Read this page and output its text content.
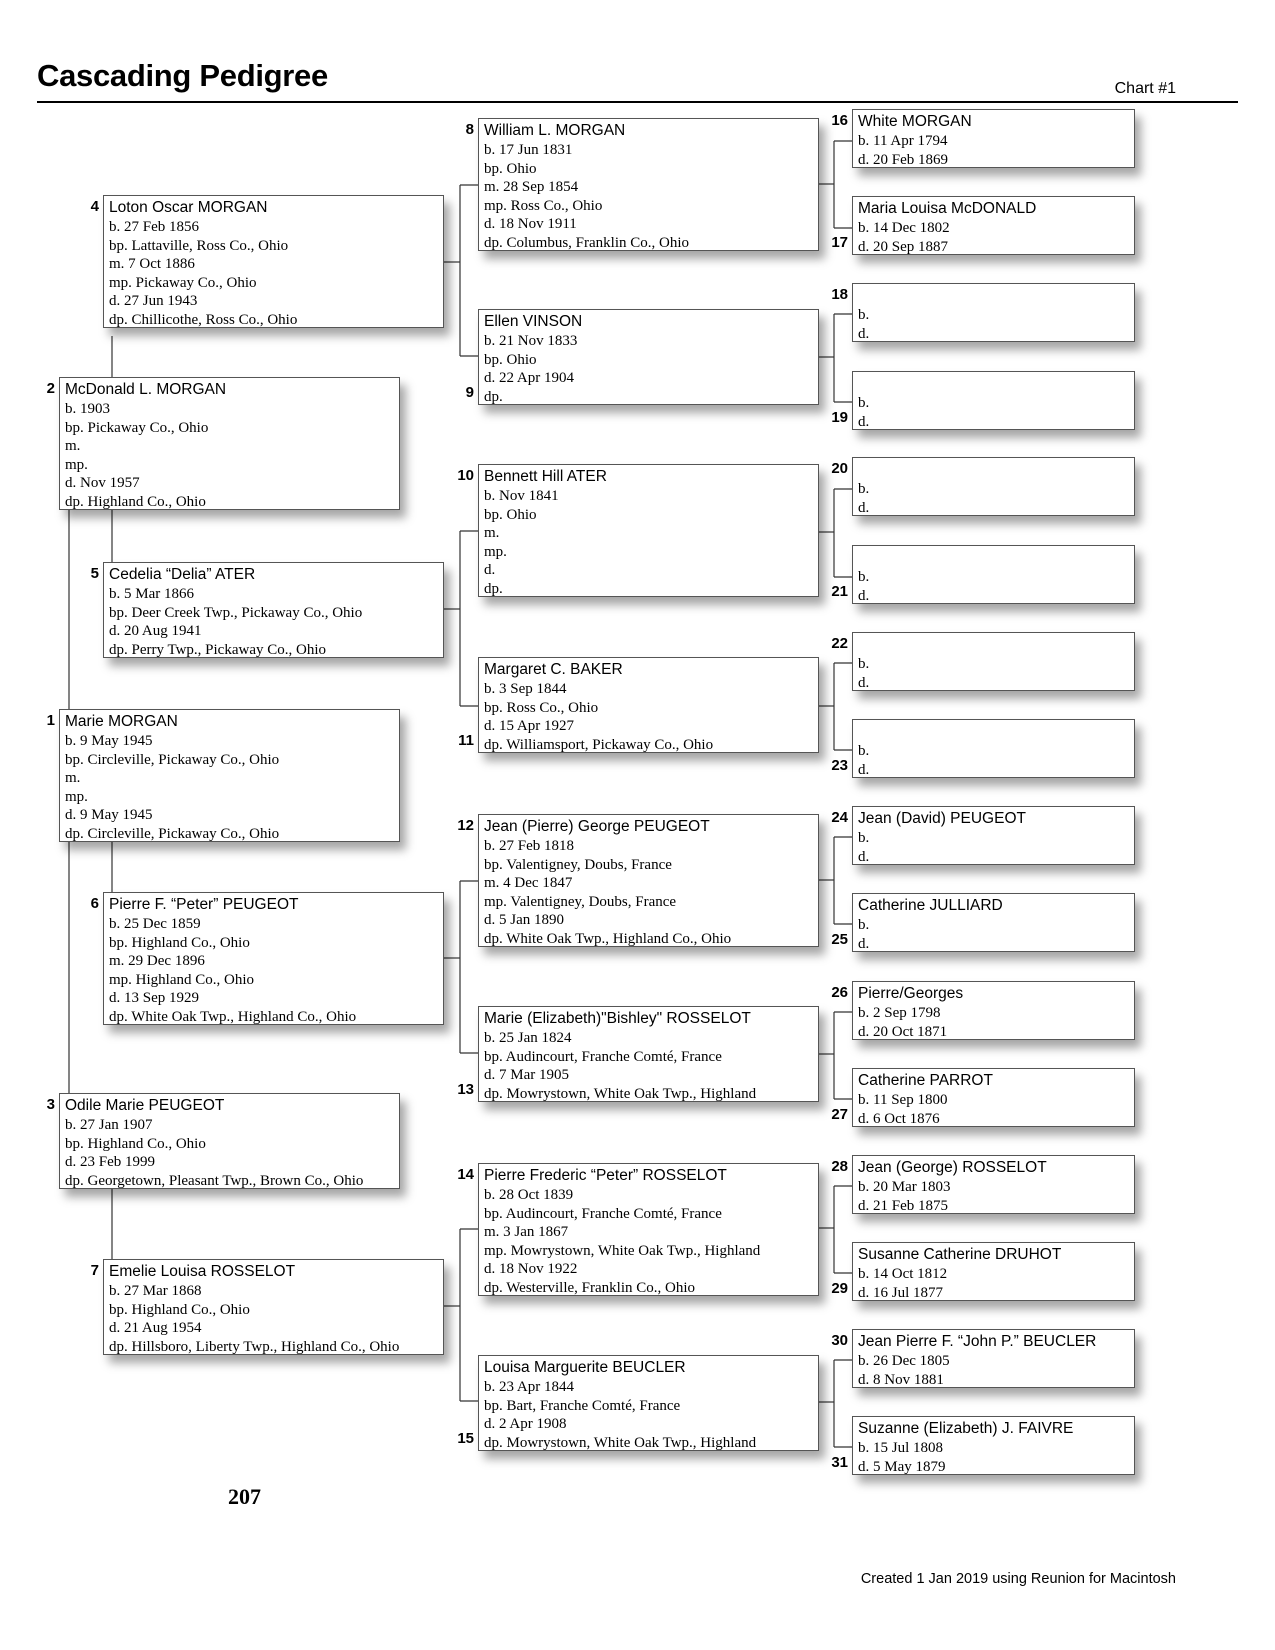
Cascading Pedigree	Chart #1
Loton Oscar MORGAN
b. 27 Feb 1856
bp. Lattaville, Ross Co., Ohio
m. 7 Oct 1886
mp. Pickaway Co., Ohio
d. 27 Jun 1943
dp. Chillicothe, Ross Co., Ohio
4
McDonald L. MORGAN
b. 1903
bp. Pickaway Co., Ohio
m.
mp.
d. Nov 1957
dp. Highland Co., Ohio
2
Cedelia “Delia” ATER
b. 5 Mar 1866
bp. Deer Creek Twp., Pickaway Co., Ohio
d. 20 Aug 1941
dp. Perry Twp., Pickaway Co., Ohio
5
Marie MORGAN
b. 9 May 1945
bp. Circleville, Pickaway Co., Ohio
m.
mp.
d. 9 May 1945
dp. Circleville, Pickaway Co., Ohio
1
Pierre F. “Peter” PEUGEOT
b. 25 Dec 1859
bp. Highland Co., Ohio
m. 29 Dec 1896
mp. Highland Co., Ohio
d. 13 Sep 1929
dp. White Oak Twp., Highland Co., Ohio
6
Odile Marie PEUGEOT
b. 27 Jan 1907
bp. Highland Co., Ohio
d. 23 Feb 1999
dp. Georgetown, Pleasant Twp., Brown Co., Ohio
3
Emelie Louisa ROSSELOT
b. 27 Mar 1868
bp. Highland Co., Ohio
d. 21 Aug 1954
dp. Hillsboro, Liberty Twp., Highland Co., Ohio
7
William L. MORGAN
b. 17 Jun 1831
bp. Ohio
m. 28 Sep 1854
mp. Ross Co., Ohio
d. 18 Nov 1911
dp. Columbus, Franklin Co., Ohio
8
Ellen VINSON
b. 21 Nov 1833
bp. Ohio
d. 22 Apr 1904
dp.
9
Bennett Hill ATER
b. Nov 1841
bp. Ohio
m.
mp.
d.
dp.
10
Margaret C. BAKER
b. 3 Sep 1844
bp. Ross Co., Ohio
d. 15 Apr 1927
dp. Williamsport, Pickaway Co., Ohio
11
Jean (Pierre) George PEUGEOT
b. 27 Feb 1818
bp. Valentigney, Doubs, France
m. 4 Dec 1847
mp. Valentigney, Doubs, France
d. 5 Jan 1890
dp. White Oak Twp., Highland Co., Ohio
12
Marie (Elizabeth)"Bishley" ROSSELOT
b. 25 Jan 1824
bp. Audincourt, Franche Comté, France
d. 7 Mar 1905
dp. Mowrystown, White Oak Twp., Highland
13
Pierre Frederic “Peter” ROSSELOT
b. 28 Oct 1839
bp. Audincourt, Franche Comté, France
m. 3 Jan 1867
mp. Mowrystown, White Oak Twp., Highland
d. 18 Nov 1922
dp. Westerville, Franklin Co., Ohio
14
Louisa Marguerite BEUCLER
b. 23 Apr 1844
bp. Bart, Franche Comté, France
d. 2 Apr 1908
dp. Mowrystown, White Oak Twp., Highland
15
White MORGAN
b. 11 Apr 1794
d. 20 Feb 1869
16
Maria Louisa McDONALD
b. 14 Dec 1802
d. 20 Sep 1887
17

b.
d.
18

b.
d.
19

b.
d.
20

b.
d.
21

b.
d.
22

b.
d.
23
Jean (David) PEUGEOT
b.
d.
24
Catherine JULLIARD
b.
d.
25
Pierre/Georges
b. 2 Sep 1798
d. 20 Oct 1871
26
Catherine PARROT
b. 11 Sep 1800
d. 6 Oct 1876
27
Jean (George) ROSSELOT
b. 20 Mar 1803
d. 21 Feb 1875
28
Susanne Catherine DRUHOT
b. 14 Oct 1812
d. 16 Jul 1877
29
Jean Pierre F. “John P.” BEUCLER
b. 26 Dec 1805
d. 8 Nov 1881
30
Suzanne (Elizabeth) J. FAIVRE
b. 15 Jul 1808
d. 5 May 1879
31
207
Created 1 Jan 2019 using Reunion for Macintosh
